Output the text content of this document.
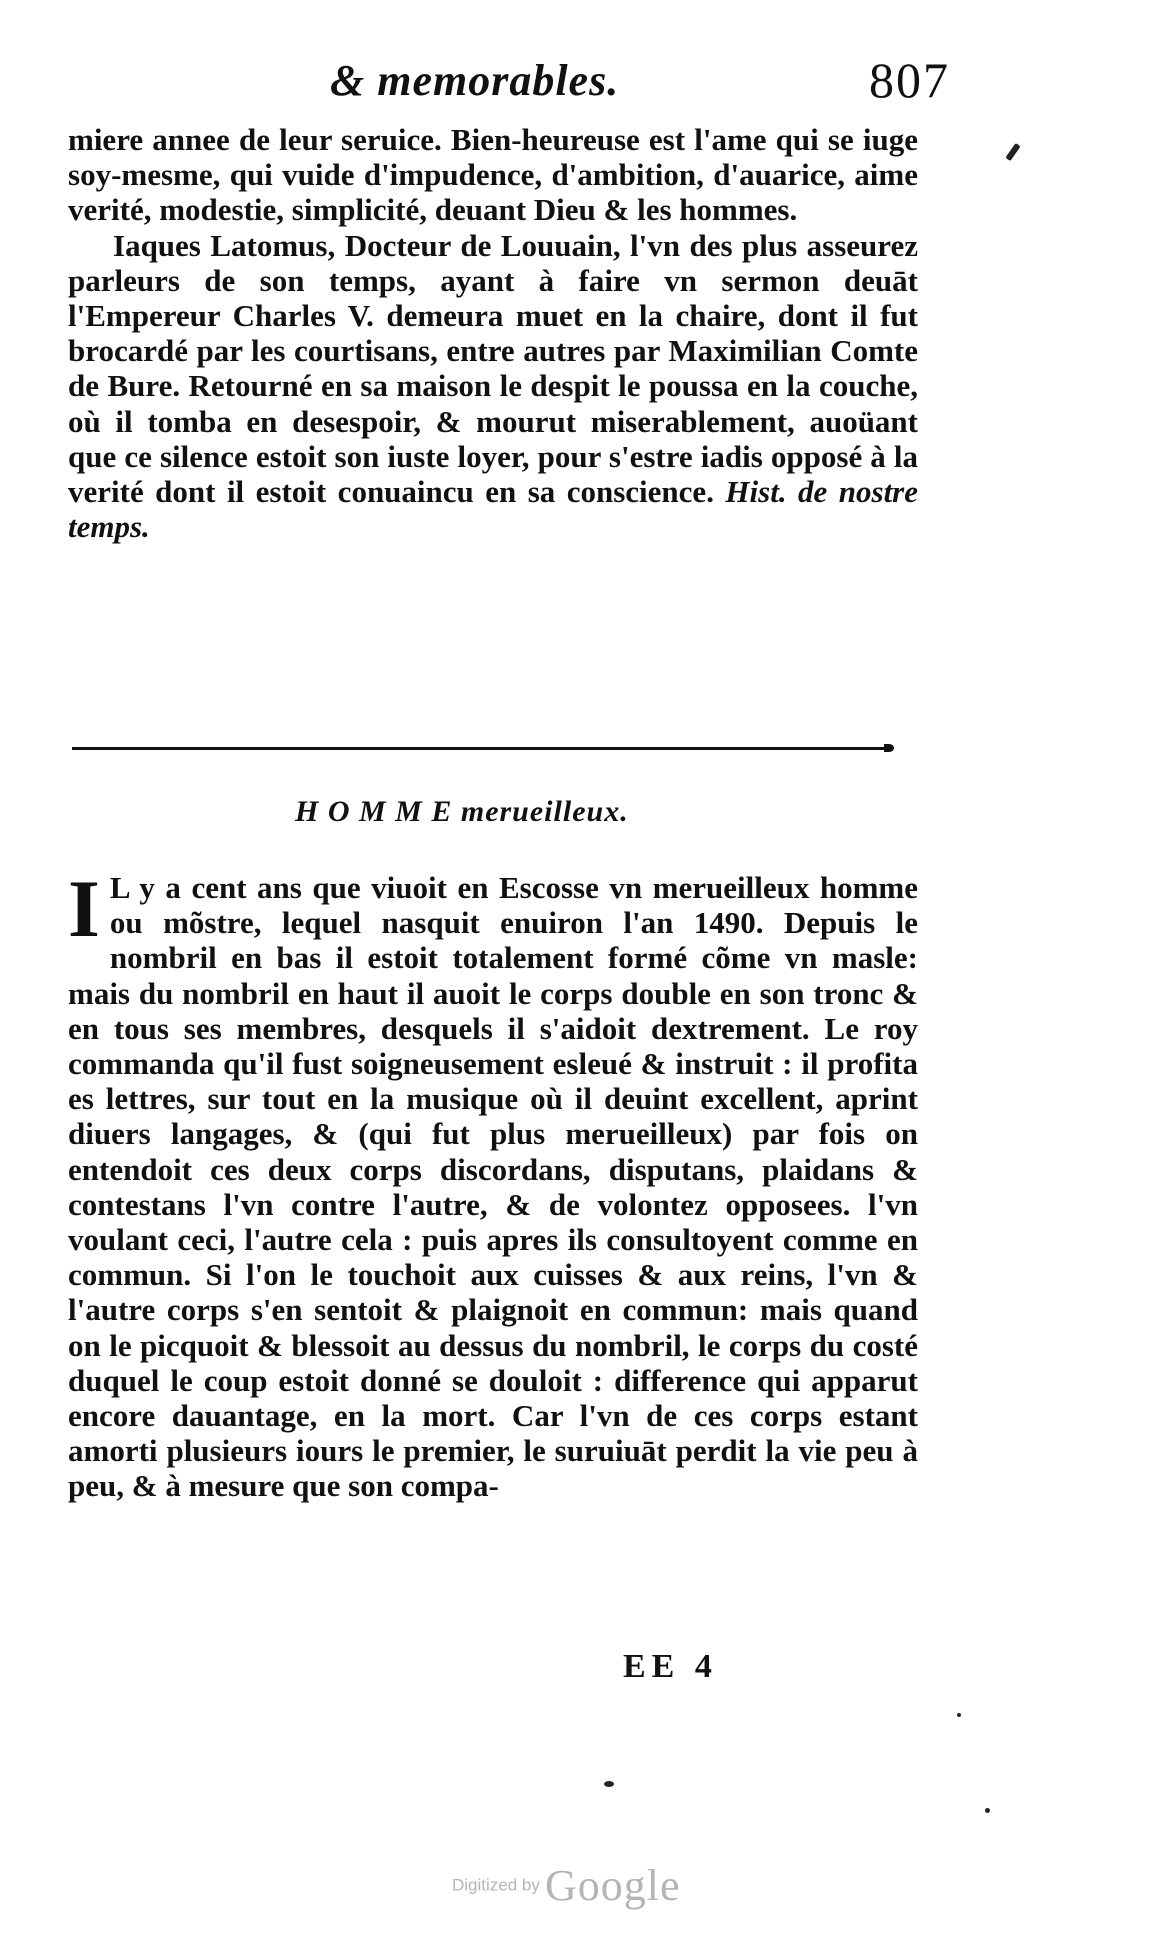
& memorables.	807

miere annee de leur seruice. Bien-heureuse est l'ame qui se iuge soy-mesme, qui vuide d'impudence, d'ambition, d'auarice, aime verité, modestie, simplicité, deuant Dieu & les hommes.

Iaques Latomus, Docteur de Louuain, l'vn des plus asseurez parleurs de son temps, ayant à faire vn sermon deuāt l'Empereur Charles V. demeura muet en la chaire, dont il fut brocardé par les courtisans, entre autres par Maximilian Comte de Bure. Retourné en sa maison le despit le poussa en la couche, où il tomba en desespoir, & mourut miserablement, auoüant que ce silence estoit son iuste loyer, pour s'estre iadis opposé à la verité dont il estoit conuaincu en sa conscience. Hist. de nostre temps.

H O M M E merueilleux.

I L y a cent ans que viuoit en Escosse vn merueilleux homme ou mõstre, lequel nasquit enuiron l'an 1490. Depuis le nombril en bas il estoit totalement formé cõme vn masle: mais du nombril en haut il auoit le corps double en son tronc & en tous ses membres, desquels il s'aidoit dextrement. Le roy commanda qu'il fust soigneusement esleué & instruit : il profita es lettres, sur tout en la musique où il deuint excellent, aprint diuers langages, & (qui fut plus merueilleux) par fois on entendoit ces deux corps discordans, disputans, plaidans & contestans l'vn contre l'autre, & de volontez opposees. l'vn voulant ceci, l'autre cela : puis apres ils consultoyent comme en commun. Si l'on le touchoit aux cuisses & aux reins, l'vn & l'autre corps s'en sentoit & plaignoit en commun: mais quand on le picquoit & blessoit au dessus du nombril, le corps du costé duquel le coup estoit donné se douloit : difference qui apparut encore dauantage, en la mort. Car l'vn de ces corps estant amorti plusieurs iours le premier, le suruiuāt perdit la vie peu à peu, & à mesure que son compa-

EE 4
Digitized by Google
